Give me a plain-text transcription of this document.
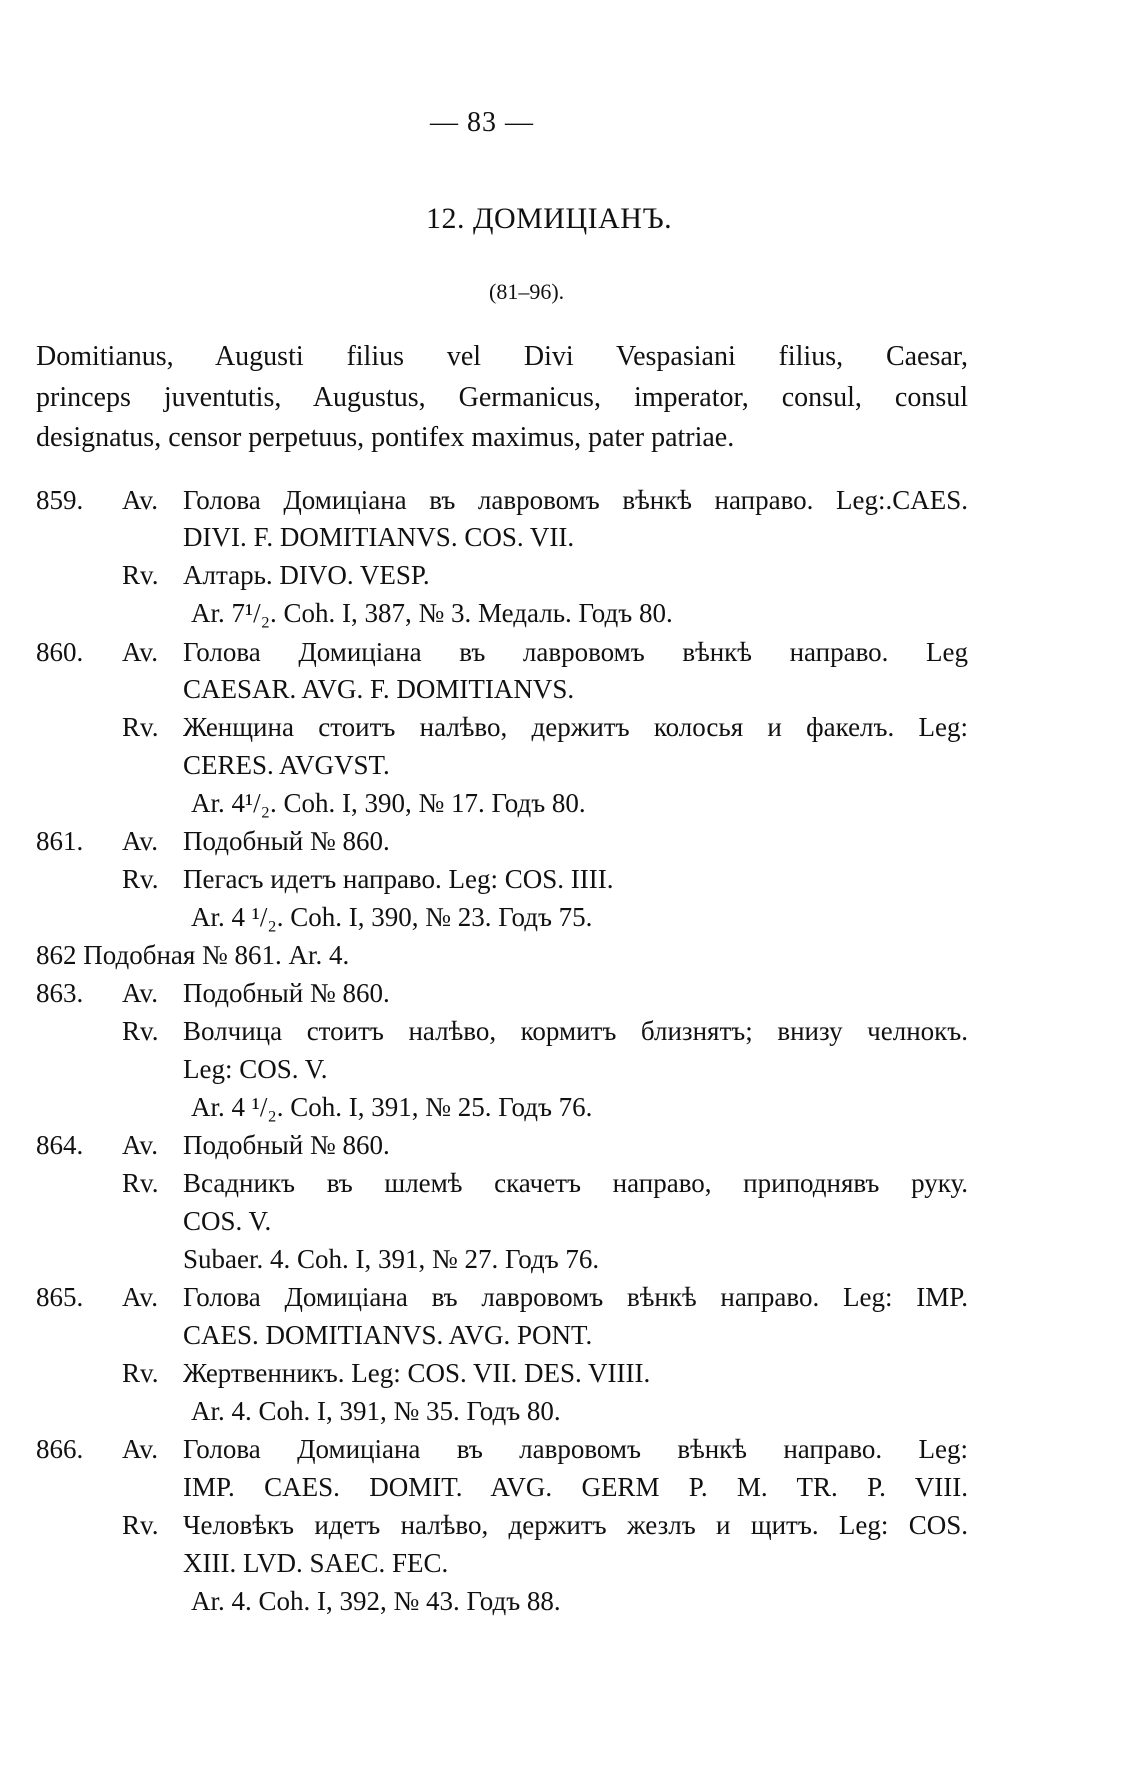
— 83 —

12. ДОМИЦІАНЪ.

(81–96).

Domitianus, Augusti filius vel Divi Vespasiani filius, Caesar,

princeps juventutis, Augustus, Germanicus, imperator, consul, consul

designatus, censor perpetuus, pontifex maximus, pater patriae.

859. Av. Голова Домиціана въ лавровомъ вѣнкѣ направо. Leg:.CAES.

DIVI. F. DOMITIANVS. COS. VII.

Rv. Алтарь. DIVO. VESP.

Ar. 7¹/₂. Coh. I, 387, № 3. Медаль. Годъ 80.

860. Av. Голова Домиціана въ лавровомъ вѣнкѣ направо. Leg

CAESAR. AVG. F. DOMITIANVS.

Rv. Женщина стоитъ налѣво, держитъ колосья и факелъ. Leg:

CERES. AVGVST.

Ar. 4¹/₂. Coh. I, 390, № 17. Годъ 80.

861. Av. Подобный № 860.

Rv. Пегасъ идетъ направо. Leg: COS. IIII.

Ar. 4 ¹/₂. Coh. I, 390, № 23. Годъ 75.

862 Подобная № 861. Ar. 4.

863. Av. Подобный № 860.

Rv. Волчица стоитъ налѣво, кормитъ близнятъ; внизу челнокъ.

Leg: COS. V.

Ar. 4 ¹/₂. Coh. I, 391, № 25. Годъ 76.

864. Av. Подобный № 860.

Rv. Всадникъ въ шлемѣ скачетъ направо, приподнявъ руку.

COS. V.

Subaer. 4. Coh. I, 391, № 27. Годъ 76.

865. Av. Голова Домиціана въ лавровомъ вѣнкѣ направо. Leg: IMP.

CAES. DOMITIANVS. AVG. PONT.

Rv. Жертвенникъ. Leg: COS. VII. DES. VIIII.

Ar. 4. Coh. I, 391, № 35. Годъ 80.

866. Av. Голова Домиціана въ лавровомъ вѣнкѣ направо. Leg:

IMP. CAES. DOMIT. AVG. GERM P. M. TR. P. VIII.

Rv. Человѣкъ идетъ налѣво, держитъ жезлъ и щитъ. Leg: COS.

XIII. LVD. SAEC. FEC.

Ar. 4. Coh. I, 392, № 43. Годъ 88.
